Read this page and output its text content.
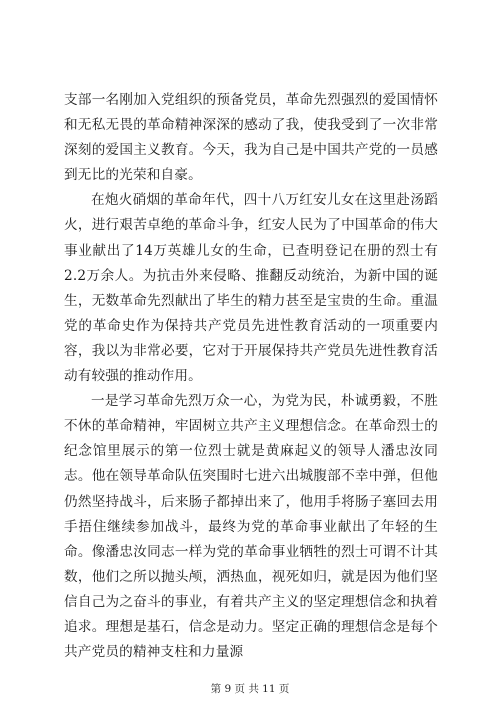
支部一名刚加入党组织的预备党员，革命先烈强烈的爱国情怀和无私无畏的革命精神深深的感动了我，使我受到了一次非常深刻的爱国主义教育。今天，我为自己是中国共产党的一员感到无比的光荣和自豪。

在炮火硝烟的革命年代，四十八万红安儿女在这里赴汤蹈火，进行艰苦卓绝的革命斗争，红安人民为了中国革命的伟大事业献出了14万英雄儿女的生命，已查明登记在册的烈士有2.2万余人。为抗击外来侵略、推翻反动统治，为新中国的诞生，无数革命先烈献出了毕生的精力甚至是宝贵的生命。重温党的革命史作为保持共产党员先进性教育活动的一项重要内容，我以为非常必要，它对于开展保持共产党员先进性教育活动有较强的推动作用。

一是学习革命先烈万众一心，为党为民，朴诚勇毅，不胜不休的革命精神，牢固树立共产主义理想信念。在革命烈士的纪念馆里展示的第一位烈士就是黄麻起义的领导人潘忠汝同志。他在领导革命队伍突围时七进六出城腹部不幸中弹，但他仍然坚持战斗，后来肠子都掉出来了，他用手将肠子塞回去用手捂住继续参加战斗，最终为党的革命事业献出了年轻的生命。像潘忠汝同志一样为党的革命事业牺牲的烈士可谓不计其数，他们之所以抛头颅，洒热血，视死如归，就是因为他们坚信自己为之奋斗的事业，有着共产主义的坚定理想信念和执着追求。理想是基石，信念是动力。坚定正确的理想信念是每个共产党员的精神支柱和力量源

第 9 页 共 11 页
